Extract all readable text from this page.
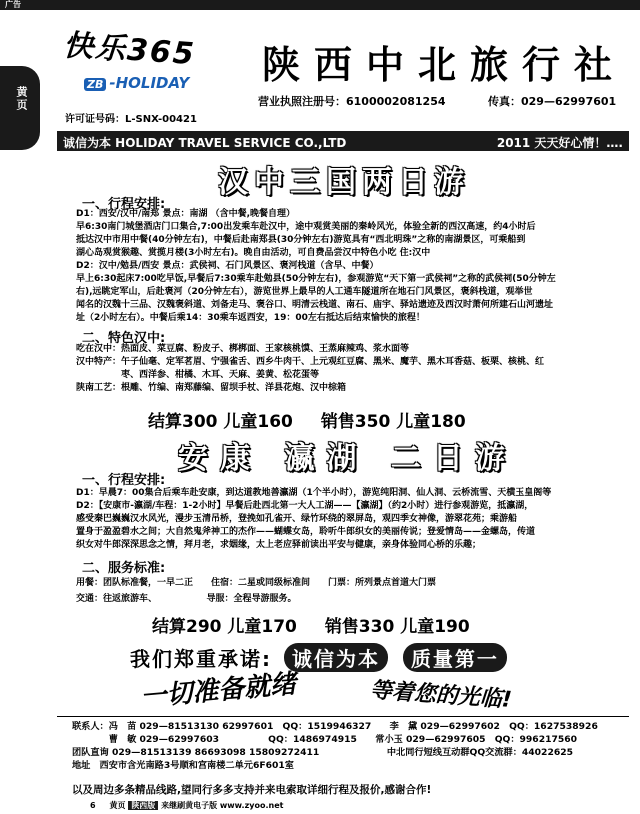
广告
黄页
快乐365
ZB -HOLIDAY 陕西中北旅行社
营业执照注册号：6100002081254	传真：029—62997601
许可证号码：L-SNX-00421
诚信为本 HOLIDAY TRAVEL SERVICE CO.,LTD	2011 天天好心情！….
汉中三国两日游
一、行程安排:
D1：西安/汉中/南郑 景点：南湖 （含中餐,晚餐自理）
早6:30南门城堡酒店门口集合,7:00出发乘车赴汉中，途中观赏美丽的秦岭风光，体验全新的西汉高速，约4小时后
抵达汉中市用中餐(40分钟左右)，中餐后赴南郑县(30分钟左右)游览具有“西北明珠”之称的南湖景区，可乘船到
湖心岛观赏猴趣、赏揽月楼(3小时左右)。晚自由活动，可自费品尝汉中特色小吃 住:汉中
D2：汉中/勉县/西安 景点：武侯祠、石门风景区、褒河栈道（含早、中餐）
早上6:30起床7:00吃早饭,早餐后7:30乘车赴勉县(50分钟左右)，参观游览“天下第一武侯祠”之称的武侯祠(50分钟左
右),远眺定军山，后赴褒河（20分钟左右），游览世界上最早的人工通车隧道所在地石门风景区，褒斜栈道，观举世
闻名的汉魏十三品、汉魏褒斜道、刘备走马、褒谷口、明清云栈道、南石、庙宇、驿站遗迹及西汉时萧何所建石山河遗址
址（2小时左右）。中餐后乘14：30乘车返西安，19：00左右抵达后结束愉快的旅程！
二、特色汉中:
吃在汉中：热面皮、菜豆腐、粉皮子、梆梆面、王家核桃馍、王蒸麻辣鸡、浆水面等
汉中特产：午子仙毫、定军茗眉、宁强雀舌、西乡牛肉干、上元观红豆腐、黑米、魔芋、黑木耳香菇、板栗、核桃、红
　　　　　枣、西洋参、柑橘、木耳、天麻、姜黄、松花蛋等
陕南工艺：根雕、竹编、南郑藤编、留坝手杖、洋县花炮、汉中棕箱
结算300 儿童160 销售350 儿童180
安康 瀛湖 二日游
一、行程安排:
D1：早晨7：00集合后乘车赴安康，到达道教地善瀛湖（1个半小时），游览纯阳洞、仙人洞、云桥流雪、天横玉皇阁等
D2：【安康市-瀛湖/车程：1-2小时】早餐后赴西北第一大人工湖——【瀛湖】（约2小时）进行参观游览，抵瀛湖，
感受秦巴巍巍汉水风光，漫步玉清吊桥，登挽如孔雀开、绿竹环绕的翠屏岛，观四季女神像，游翠花苑；乘游船
置身于盈盈碧水之间；大自然鬼斧神工的杰作——蝴蝶女岛，聆听牛郎织女的美丽传说；登爱情岛——金螺岛，传道
织女对牛郎深深思念之情，拜月老，求姻缘，太上老应驿前读出平安与健康，亲身体验同心桥的乐趣；
二、服务标准:
用餐：团队标准餐，一早二正　　住宿：二星或同级标准间　　门票：所列景点首道大门票
交通：往返旅游车、　　　　　　导服：全程导游服务。
结算290 儿童170 销售330 儿童190
我们郑重承诺: 诚信为本 质量第一
一切准备就绪	等着您的光临!
联系人：冯　苗 029—81513130 62997601　QQ：1519946327　　李　黛 029—62997602　QQ：1627538926
　　　　曹　敏 029—62997603　　　　　 QQ：1486974915　　常小玉 029—62997605　QQ：996217560
团队直询 029—81513139 86693098 15809272411　　　　　　　 中北同行短线互动群QQ交流群：44022625
地址　西安市含光南路3号顺和宫南楼二单元6F601室
以及周边多条精品线路,望同行多多支持并来电索取详细行程及报价,感谢合作!
6 黄页 陕西版 来继刷黄电子版 www.zyoo.net
